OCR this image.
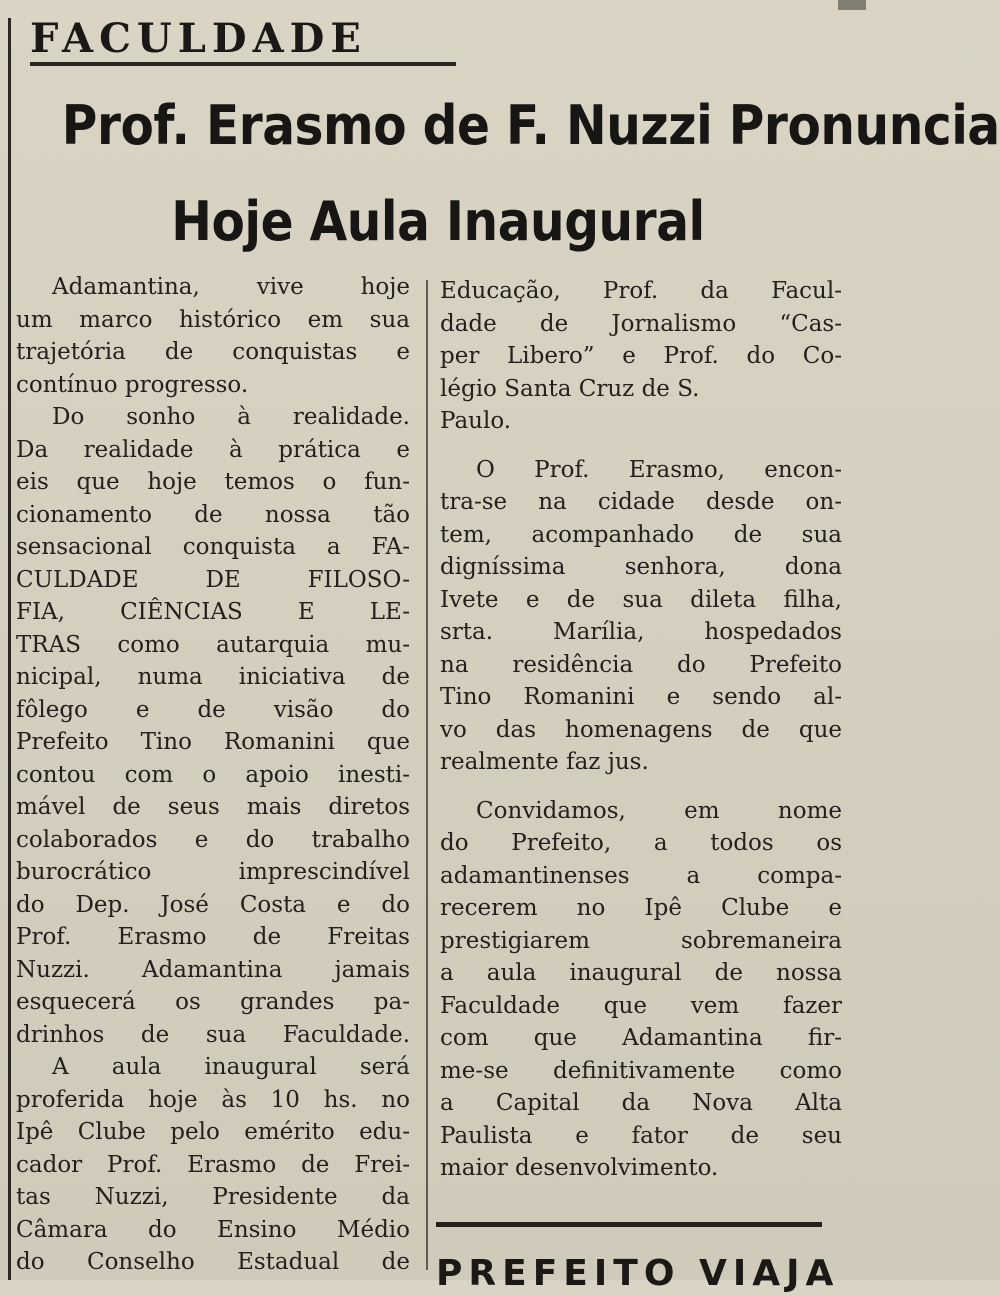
FACULDADE
Prof. Erasmo de F. Nuzzi Pronuncia
Hoje Aula Inaugural
Adamantina, vive hoje
um marco histórico em sua
trajetória de conquistas e
contínuo progresso.
Do sonho à realidade.
Da realidade à prática e
eis que hoje temos o fun-
cionamento de nossa tão
sensacional conquista a FA-
CULDADE DE FILOSO-
FIA, CIÊNCIAS E LE-
TRAS como autarquia mu-
nicipal, numa iniciativa de
fôlego e de visão do
Prefeito Tino Romanini que
contou com o apoio inesti-
mável de seus mais diretos
colaborados e do trabalho
burocrático imprescindível
do Dep. José Costa e do
Prof. Erasmo de Freitas
Nuzzi. Adamantina jamais
esquecerá os grandes pa-
drinhos de sua Faculdade.
A aula inaugural será
proferida hoje às 10 hs. no
Ipê Clube pelo emérito edu-
cador Prof. Erasmo de Frei-
tas Nuzzi, Presidente da
Câmara do Ensino Médio
do Conselho Estadual de
Educação, Prof. da Facul-
dade de Jornalismo “Cas-
per Libero” e Prof. do Co-
légio Santa Cruz de S.
Paulo.
O Prof. Erasmo, encon-
tra-se na cidade desde on-
tem, acompanhado de sua
digníssima senhora, dona
Ivete e de sua dileta filha,
srta. Marília, hospedados
na residência do Prefeito
Tino Romanini e sendo al-
vo das homenagens de que
realmente faz jus.
Convidamos, em nome
do Prefeito, a todos os
adamantinenses a compa-
recerem no Ipê Clube e
prestigiarem sobremaneira
a aula inaugural de nossa
Faculdade que vem fazer
com que Adamantina fir-
me-se definitivamente como
a Capital da Nova Alta
Paulista e fator de seu
maior desenvolvimento.
PREFEITO VIAJA
